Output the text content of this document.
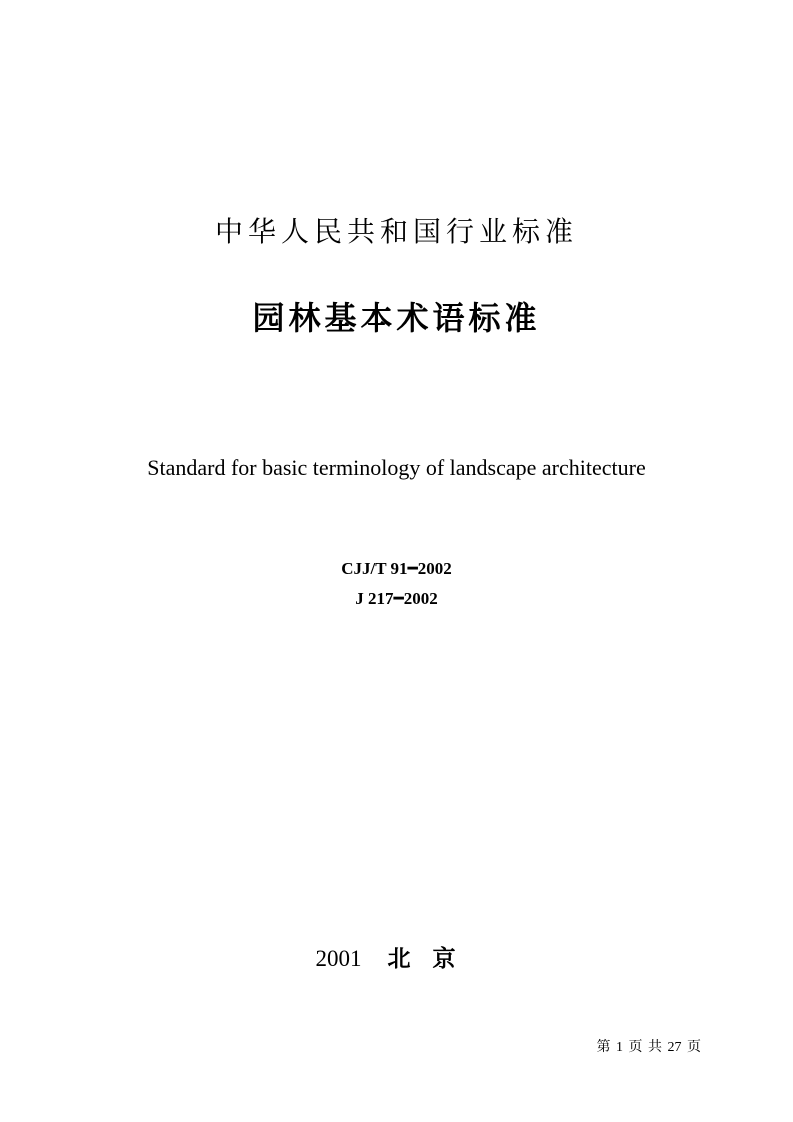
中华人民共和国行业标准
园林基本术语标准
Standard for basic terminology of landscape architecture
CJJ/T 91━2002
J 217━2002
2001 北京
第 1 页 共 27 页
